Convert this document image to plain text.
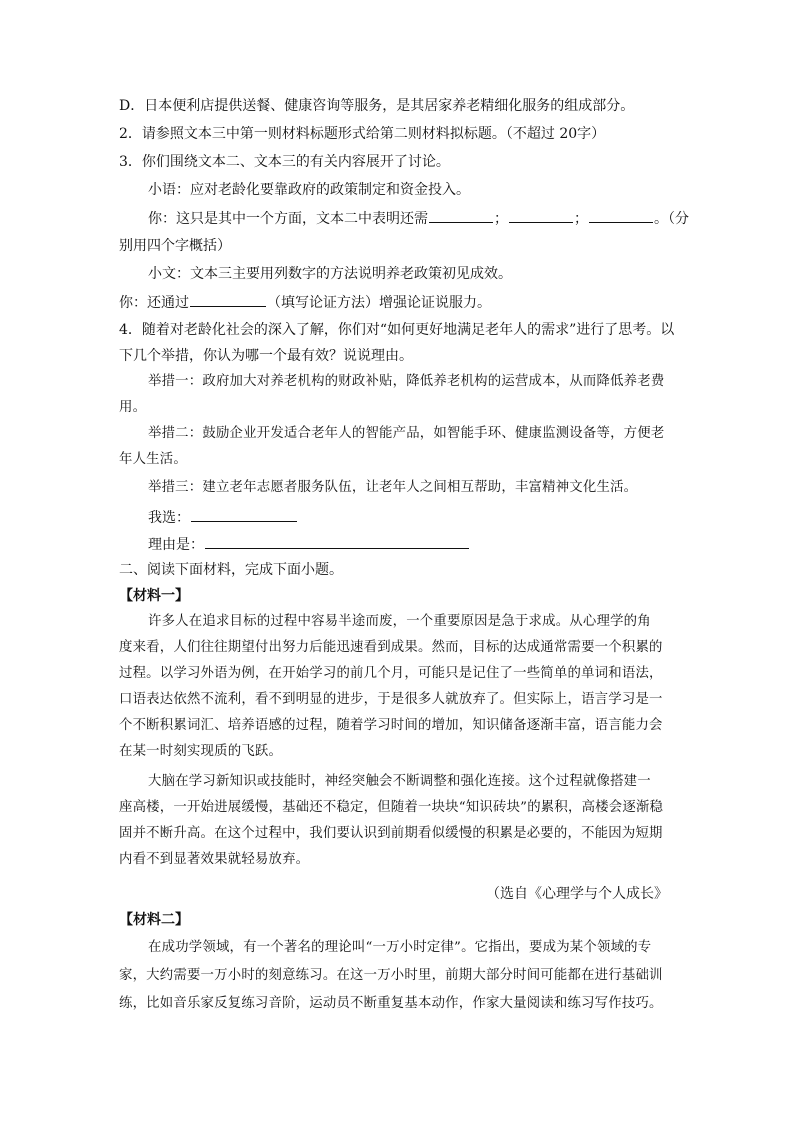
D．日本便利店提供送餐、健康咨询等服务，是其居家养老精细化服务的组成部分。
2．请参照文本三中第一则材料标题形式给第二则材料拟标题。（不超过 20字）
3．你们围绕文本二、文本三的有关内容展开了讨论。
小语：应对老龄化要靠政府的政策制定和资金投入。
你：这只是其中一个方面，文本二中表明还需	；	；	。（分
别用四个字概括）
小文：文本三主要用列数字的方法说明养老政策初见成效。
你：还通过	（填写论证方法）增强论证说服力。
4．随着对老龄化社会的深入了解，你们对“如何更好地满足老年人的需求”进行了思考。以
下几个举措，你认为哪一个最有效？说说理由。
举措一：政府加大对养老机构的财政补贴，降低养老机构的运营成本，从而降低养老费
用。
举措二：鼓励企业开发适合老年人的智能产品，如智能手环、健康监测设备等，方便老
年人生活。
举措三：建立老年志愿者服务队伍，让老年人之间相互帮助，丰富精神文化生活。
我选：
理由是：
二、阅读下面材料，完成下面小题。
【材料一】
许多人在追求目标的过程中容易半途而废，一个重要原因是急于求成。从心理学的角
度来看，人们往往期望付出努力后能迅速看到成果。然而，目标的达成通常需要一个积累的
过程。以学习外语为例，在开始学习的前几个月，可能只是记住了一些简单的单词和语法，
口语表达依然不流利，看不到明显的进步，于是很多人就放弃了。但实际上，语言学习是一
个不断积累词汇、培养语感的过程，随着学习时间的增加，知识储备逐渐丰富，语言能力会
在某一时刻实现质的飞跃。
大脑在学习新知识或技能时，神经突触会不断调整和强化连接。这个过程就像搭建一
座高楼，一开始进展缓慢，基础还不稳定，但随着一块块“知识砖块”的累积，高楼会逐渐稳
固并不断升高。在这个过程中，我们要认识到前期看似缓慢的积累是必要的，不能因为短期
内看不到显著效果就轻易放弃。
（选自《心理学与个人成长》
【材料二】
在成功学领域，有一个著名的理论叫“一万小时定律”。它指出，要成为某个领域的专
家，大约需要一万小时的刻意练习。在这一万小时里，前期大部分时间可能都在进行基础训
练，比如音乐家反复练习音阶，运动员不断重复基本动作，作家大量阅读和练习写作技巧。
